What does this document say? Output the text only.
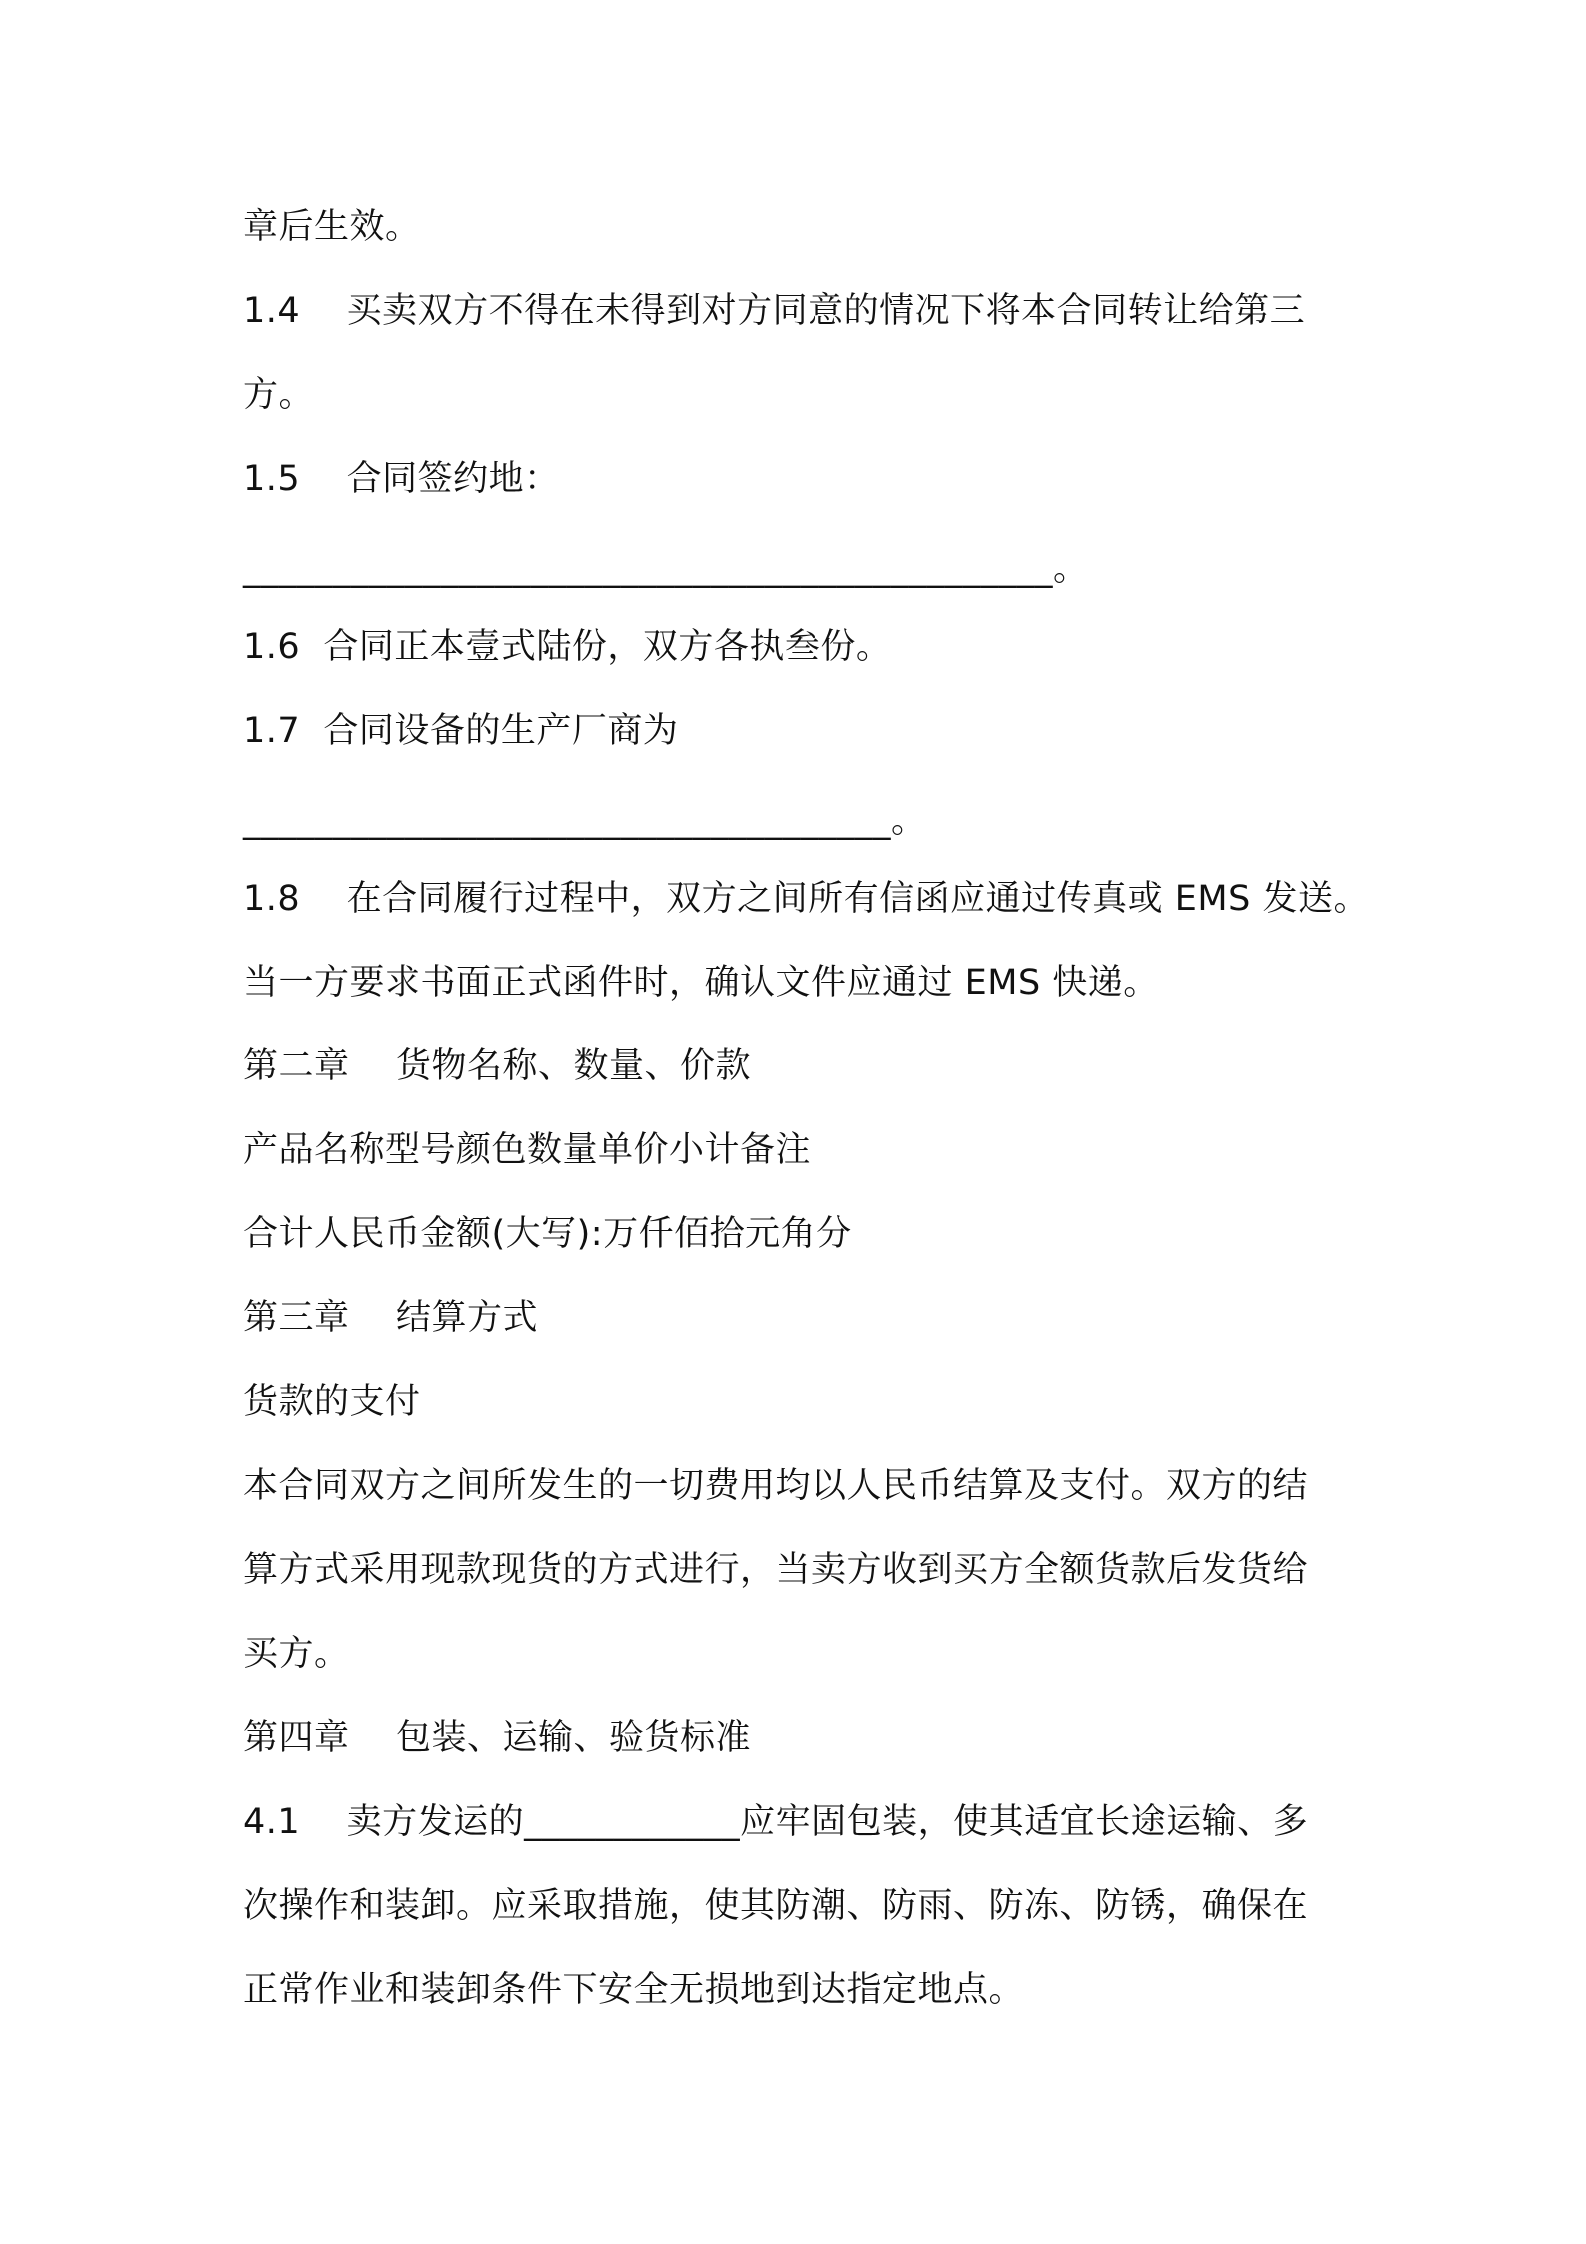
章后生效。
1.4    买卖双方不得在未得到对方同意的情况下将本合同转让给第三
方。
1.5    合同签约地：
_____________________________________________。
1.6  合同正本壹式陆份，双方各执叁份。
1.7  合同设备的生产厂商为
____________________________________。
1.8    在合同履行过程中，双方之间所有信函应通过传真或 EMS 发送。
当一方要求书面正式函件时，确认文件应通过 EMS 快递。
第二章    货物名称、数量、价款
产品名称型号颜色数量单价小计备注
合计人民币金额(大写):万仟佰拾元角分
第三章    结算方式
货款的支付
本合同双方之间所发生的一切费用均以人民币结算及支付。双方的结
算方式采用现款现货的方式进行，当卖方收到买方全额货款后发货给
买方。
第四章    包装、运输、验货标准
4.1    卖方发运的____________应牢固包装，使其适宜长途运输、多
次操作和装卸。应采取措施，使其防潮、防雨、防冻、防锈，确保在
正常作业和装卸条件下安全无损地到达指定地点。
